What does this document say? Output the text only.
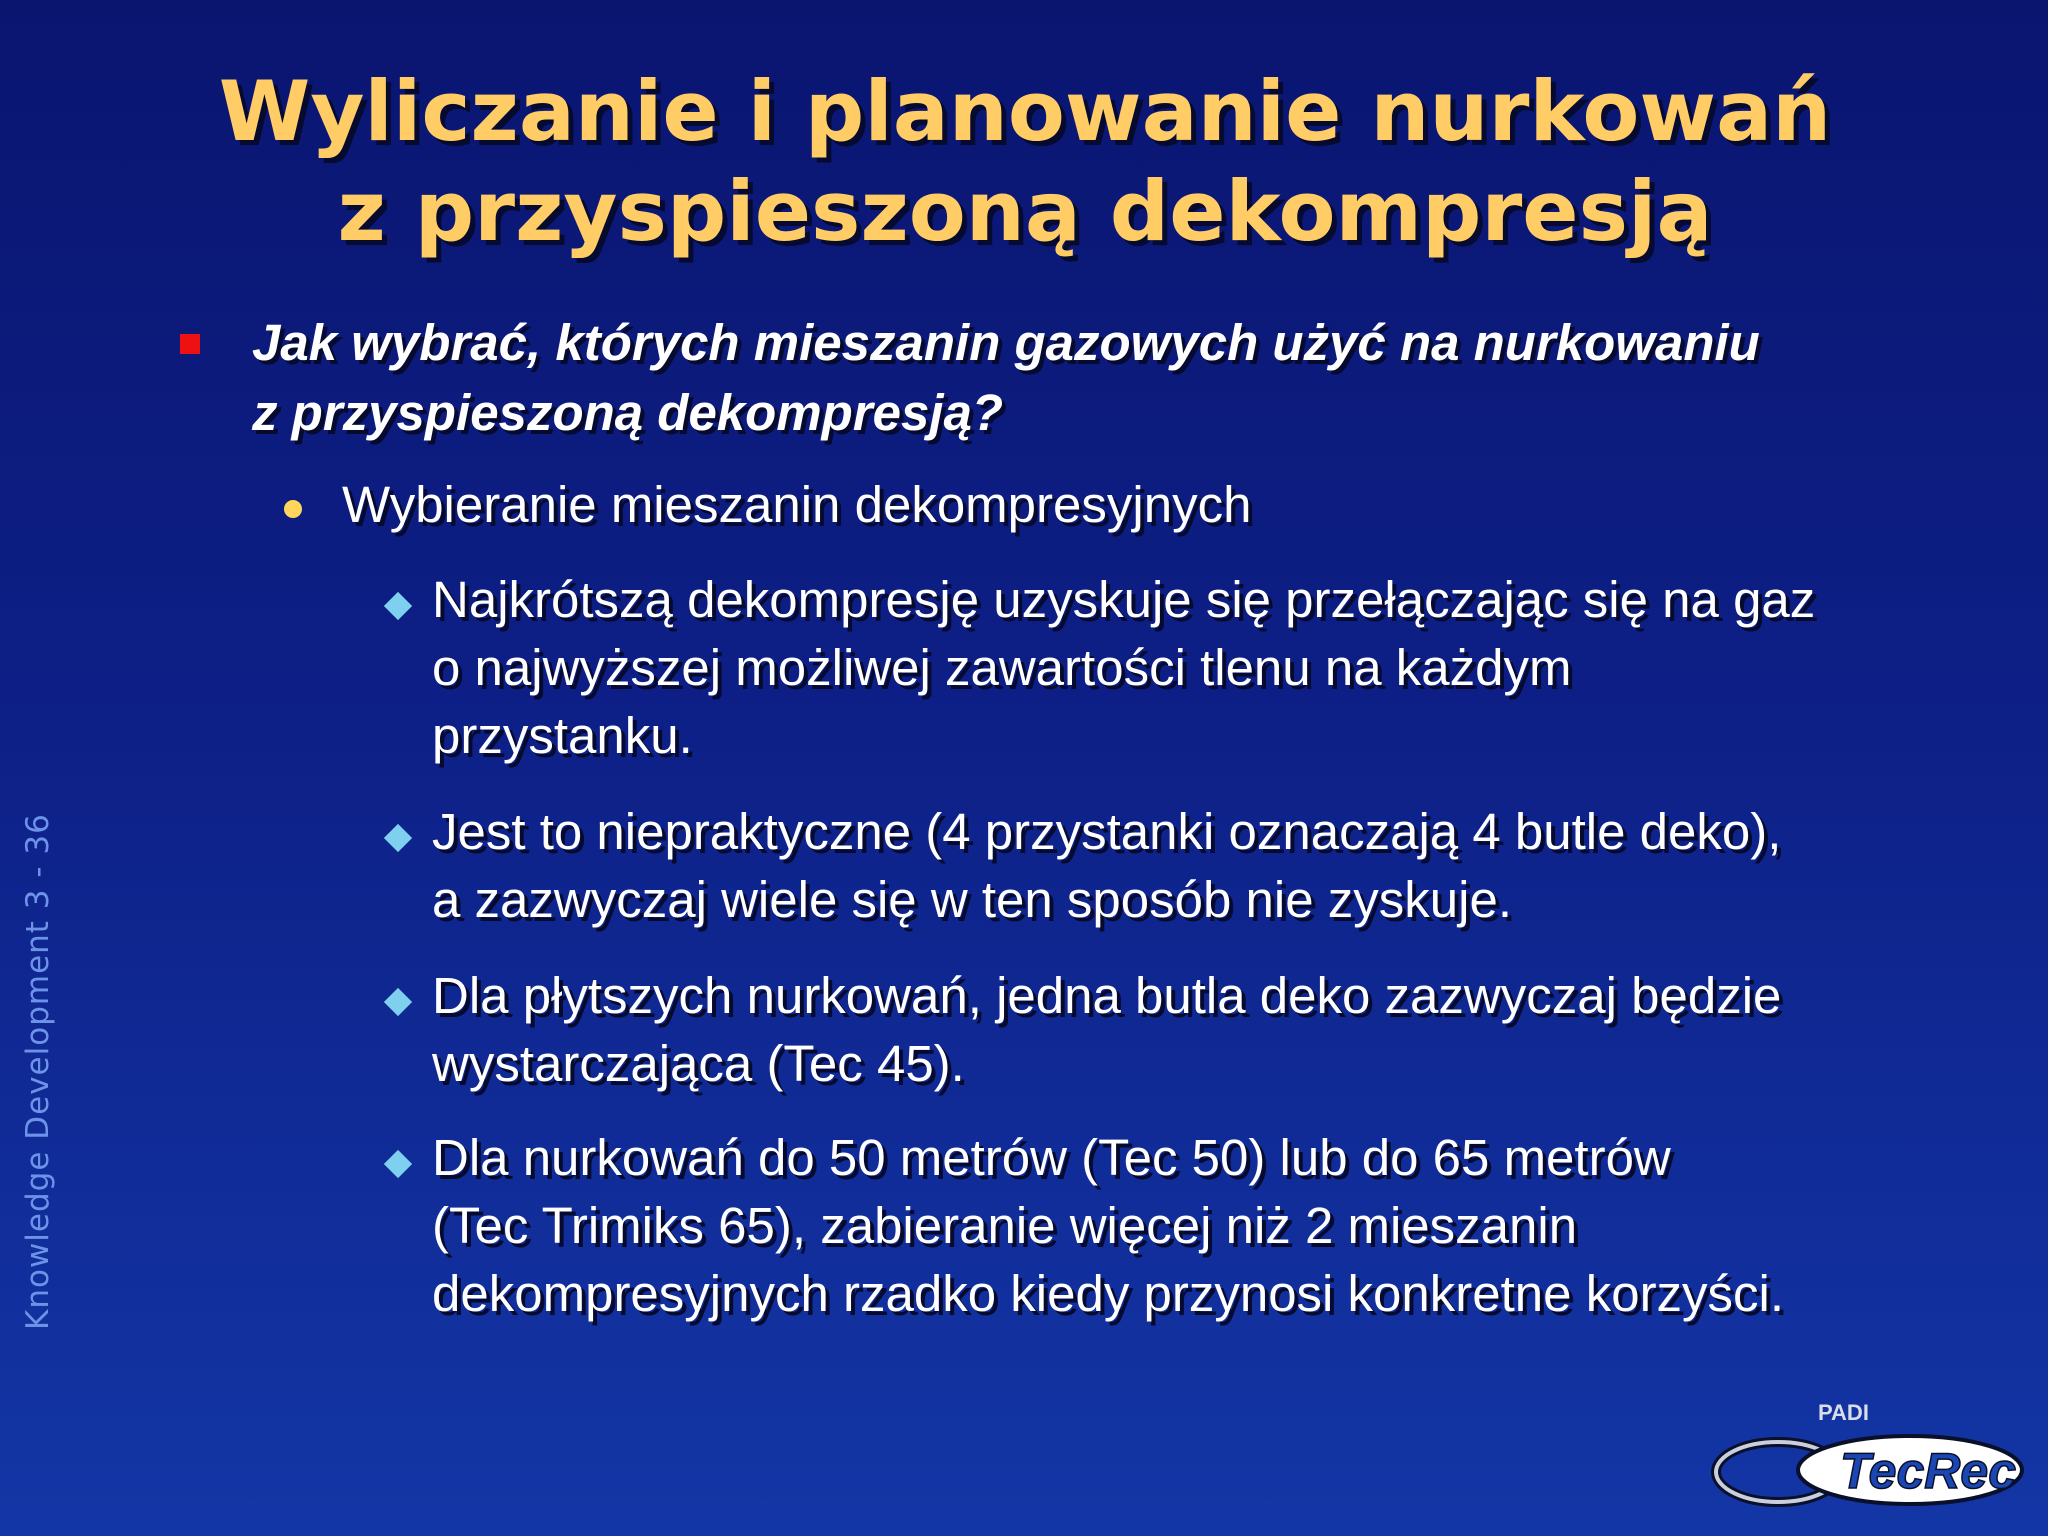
Wyliczanie i planowanie nurkowań
z przyspieszoną dekompresją

Jak wybrać, których mieszanin gazowych użyć na nurkowaniu
z przyspieszoną dekompresją?

Wybieranie mieszanin dekompresyjnych

Najkrótszą dekompresję uzyskuje się przełączając się na gaz
o najwyższej możliwej zawartości tlenu na każdym
przystanku.

Jest to niepraktyczne (4 przystanki oznaczają 4 butle deko),
a zazwyczaj wiele się w ten sposób nie zyskuje.

Dla płytszych nurkowań, jedna butla deko zazwyczaj będzie
wystarczająca (Tec 45).

Dla nurkowań do 50 metrów (Tec 50) lub do 65 metrów
(Tec Trimiks 65), zabieranie więcej niż 2 mieszanin
dekompresyjnych rzadko kiedy przynosi konkretne korzyści.

Knowledge Development 3 - 36
PADI
TecRec
